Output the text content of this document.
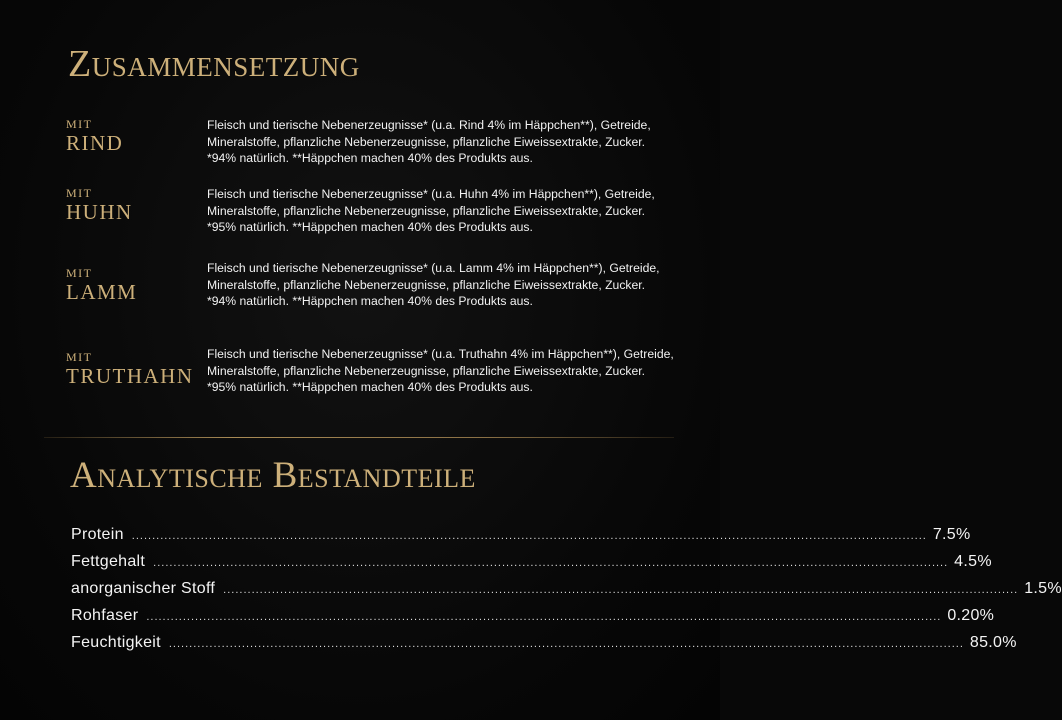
Zusammensetzung
MIT
RIND

Fleisch und tierische Nebenerzeugnisse* (u.a. Rind 4% im Häppchen**), Getreide, Mineralstoffe, pflanzliche Nebenerzeugnisse, pflanzliche Eiweissextrakte, Zucker.

*94% natürlich. **Häppchen machen 40% des Produkts aus.

MIT
HUHN

Fleisch und tierische Nebenerzeugnisse* (u.a. Huhn 4% im Häppchen**), Getreide, Mineralstoffe, pflanzliche Nebenerzeugnisse, pflanzliche Eiweissextrakte, Zucker.

*95% natürlich. **Häppchen machen 40% des Produkts aus.

MIT
LAMM

Fleisch und tierische Nebenerzeugnisse* (u.a. Lamm 4% im Häppchen**), Getreide, Mineralstoffe, pflanzliche Nebenerzeugnisse, pflanzliche Eiweissextrakte, Zucker.

*94% natürlich. **Häppchen machen 40% des Produkts aus.

MIT
TRUTHAHN

Fleisch und tierische Nebenerzeugnisse* (u.a. Truthahn 4% im Häppchen**), Getreide, Mineralstoffe, pflanzliche Nebenerzeugnisse, pflanzliche Eiweissextrakte, Zucker.

*95% natürlich. **Häppchen machen 40% des Produkts aus.

Analytische Bestandteile
Protein .................................................................................................................................................................................................... 7.5%
Fettgehalt .................................................................................................................................................................................................... 4.5%
anorganischer Stoff .................................................................................................................................................................................................... 1.5%
Rohfaser .................................................................................................................................................................................................... 0.20%
Feuchtigkeit .................................................................................................................................................................................................... 85.0%
